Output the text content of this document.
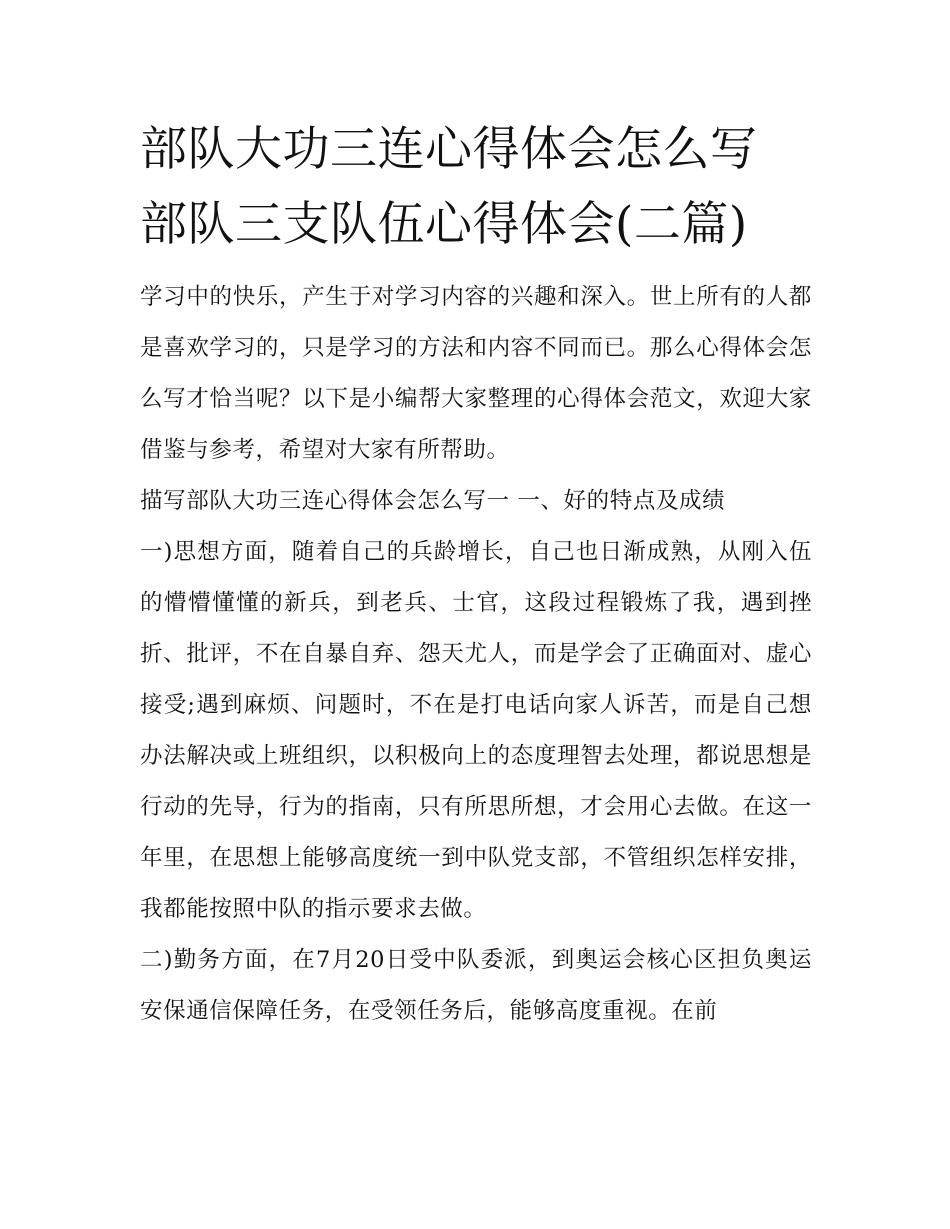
部队大功三连心得体会怎么写
部队三支队伍心得体会(二篇)

学习中的快乐，产生于对学习内容的兴趣和深入。世上所有的人都是喜欢学习的，只是学习的方法和内容不同而已。那么心得体会怎么写才恰当呢？以下是小编帮大家整理的心得体会范文，欢迎大家借鉴与参考，希望对大家有所帮助。

描写部队大功三连心得体会怎么写一 一、好的特点及成绩

一)思想方面，随着自己的兵龄增长，自己也日渐成熟，从刚入伍的懵懵懂懂的新兵，到老兵、士官，这段过程锻炼了我，遇到挫折、批评，不在自暴自弃、怨天尤人，而是学会了正确面对、虚心接受;遇到麻烦、问题时，不在是打电话向家人诉苦，而是自己想办法解决或上班组织，以积极向上的态度理智去处理，都说思想是行动的先导，行为的指南，只有所思所想，才会用心去做。在这一年里，在思想上能够高度统一到中队党支部，不管组织怎样安排，我都能按照中队的指示要求去做。

二)勤务方面，在7月20日受中队委派，到奥运会核心区担负奥运安保通信保障任务，在受领任务后，能够高度重视。在前
